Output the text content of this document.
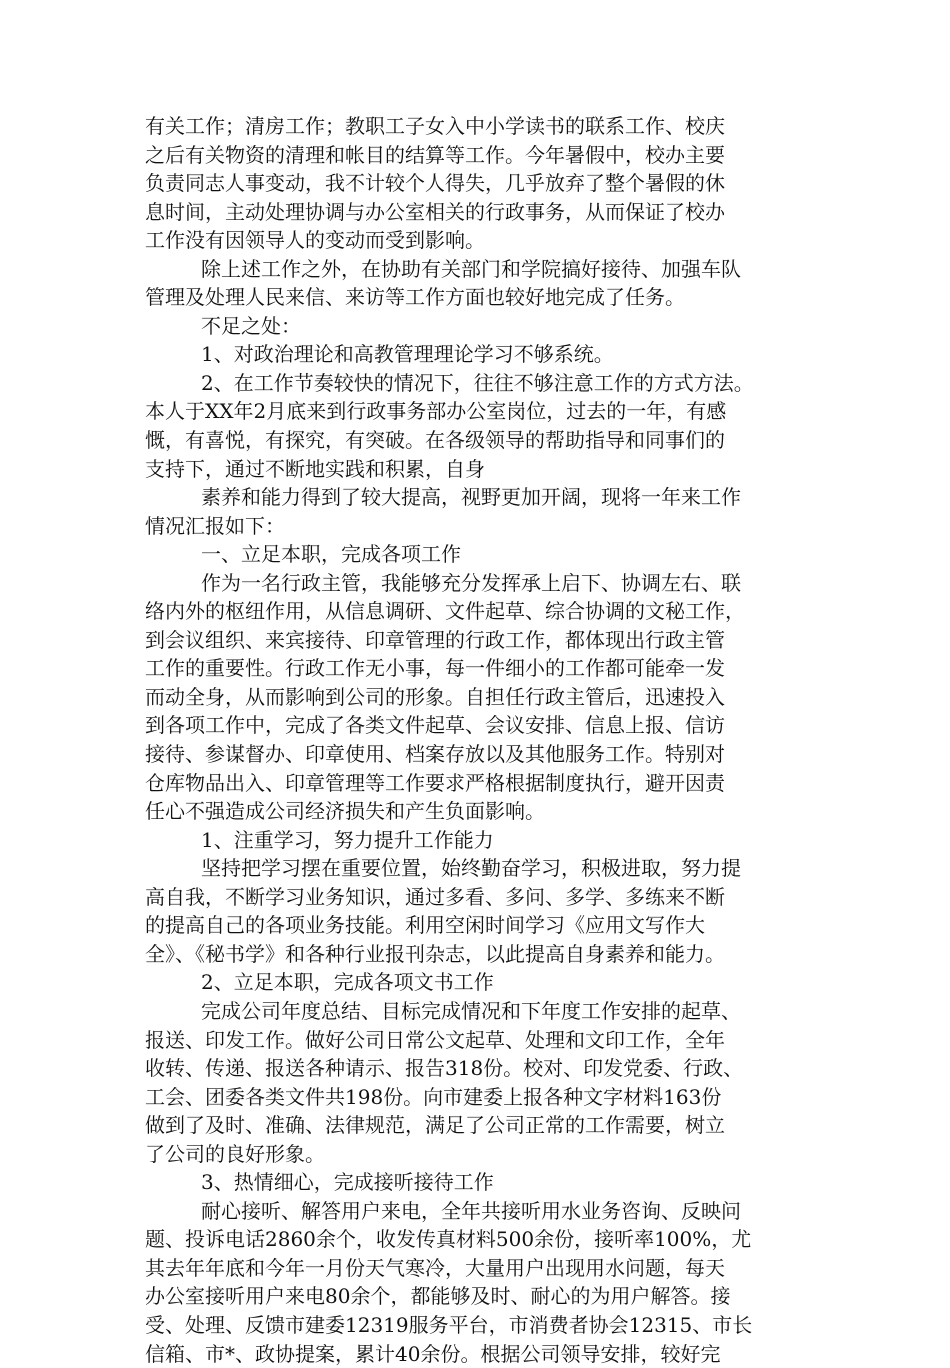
有关工作；清房工作；教职工子女入中小学读书的联系工作、校庆
之后有关物资的清理和帐目的结算等工作。今年暑假中，校办主要
负责同志人事变动，我不计较个人得失，几乎放弃了整个暑假的休
息时间，主动处理协调与办公室相关的行政事务，从而保证了校办
工作没有因领导人的变动而受到影响。
除上述工作之外，在协助有关部门和学院搞好接待、加强车队
管理及处理人民来信、来访等工作方面也较好地完成了任务。
不足之处：
1、对政治理论和高教管理理论学习不够系统。
2、在工作节奏较快的情况下，往往不够注意工作的方式方法。
本人于XX年2月底来到行政事务部办公室岗位，过去的一年，有感
慨，有喜悦，有探究，有突破。在各级领导的帮助指导和同事们的
支持下，通过不断地实践和积累，自身
素养和能力得到了较大提高，视野更加开阔，现将一年来工作
情况汇报如下：
一、立足本职，完成各项工作
作为一名行政主管，我能够充分发挥承上启下、协调左右、联
络内外的枢纽作用，从信息调研、文件起草、综合协调的文秘工作，
到会议组织、来宾接待、印章管理的行政工作，都体现出行政主管
工作的重要性。行政工作无小事，每一件细小的工作都可能牵一发
而动全身，从而影响到公司的形象。自担任行政主管后，迅速投入
到各项工作中，完成了各类文件起草、会议安排、信息上报、信访
接待、参谋督办、印章使用、档案存放以及其他服务工作。特别对
仓库物品出入、印章管理等工作要求严格根据制度执行，避开因责
任心不强造成公司经济损失和产生负面影响。
1、注重学习，努力提升工作能力
坚持把学习摆在重要位置，始终勤奋学习，积极进取，努力提
高自我，不断学习业务知识，通过多看、多问、多学、多练来不断
的提高自己的各项业务技能。利用空闲时间学习《应用文写作大
全》、《秘书学》和各种行业报刊杂志，以此提高自身素养和能力。
2、立足本职，完成各项文书工作
完成公司年度总结、目标完成情况和下年度工作安排的起草、
报送、印发工作。做好公司日常公文起草、处理和文印工作，全年
收转、传递、报送各种请示、报告318份。校对、印发党委、行政、
工会、团委各类文件共198份。向市建委上报各种文字材料163份
做到了及时、准确、法律规范，满足了公司正常的工作需要，树立
了公司的良好形象。
3、热情细心，完成接听接待工作
耐心接听、解答用户来电，全年共接听用水业务咨询、反映问
题、投诉电话2860余个，收发传真材料500余份，接听率100%，尤
其去年年底和今年一月份天气寒冷，大量用户出现用水问题，每天
办公室接听用户来电80余个，都能够及时、耐心的为用户解答。接
受、处理、反馈市建委12319服务平台，市消费者协会12315、市长
信箱、市*、政协提案，累计40余份。根据公司领导安排，较好完
